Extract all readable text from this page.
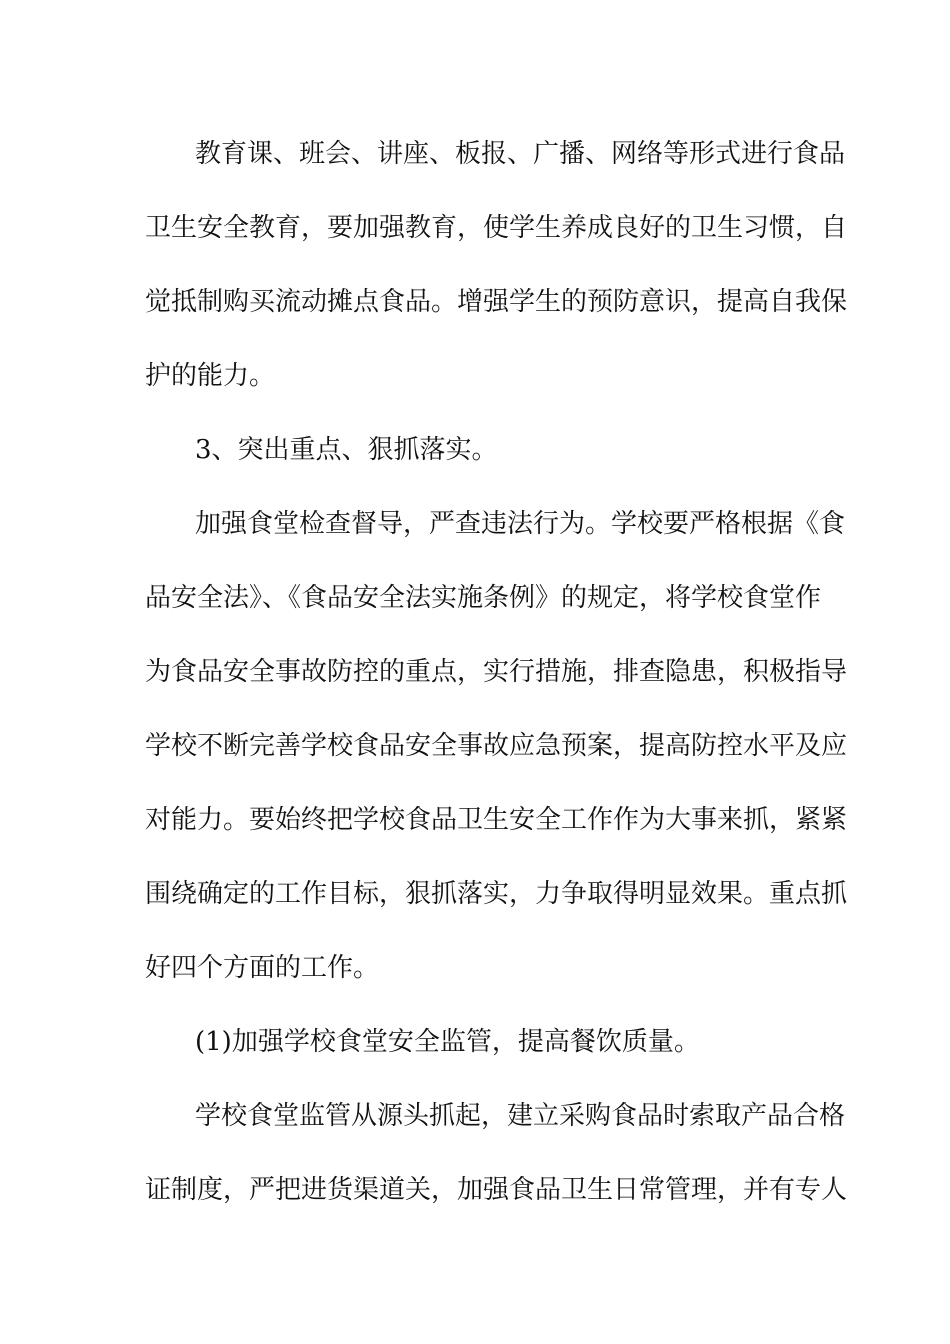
教育课、班会、讲座、板报、广播、网络等形式进行食品
卫生安全教育，要加强教育，使学生养成良好的卫生习惯，自
觉抵制购买流动摊点食品。增强学生的预防意识，提高自我保
护的能力。
3、突出重点、狠抓落实。
加强食堂检查督导，严查违法行为。学校要严格根据《食
品安全法》、《食品安全法实施条例》的规定，将学校食堂作
为食品安全事故防控的重点，实行措施，排查隐患，积极指导
学校不断完善学校食品安全事故应急预案，提高防控水平及应
对能力。要始终把学校食品卫生安全工作作为大事来抓，紧紧
围绕确定的工作目标，狠抓落实，力争取得明显效果。重点抓
好四个方面的工作。
(1)加强学校食堂安全监管，提高餐饮质量。
学校食堂监管从源头抓起，建立采购食品时索取产品合格
证制度，严把进货渠道关，加强食品卫生日常管理，并有专人
